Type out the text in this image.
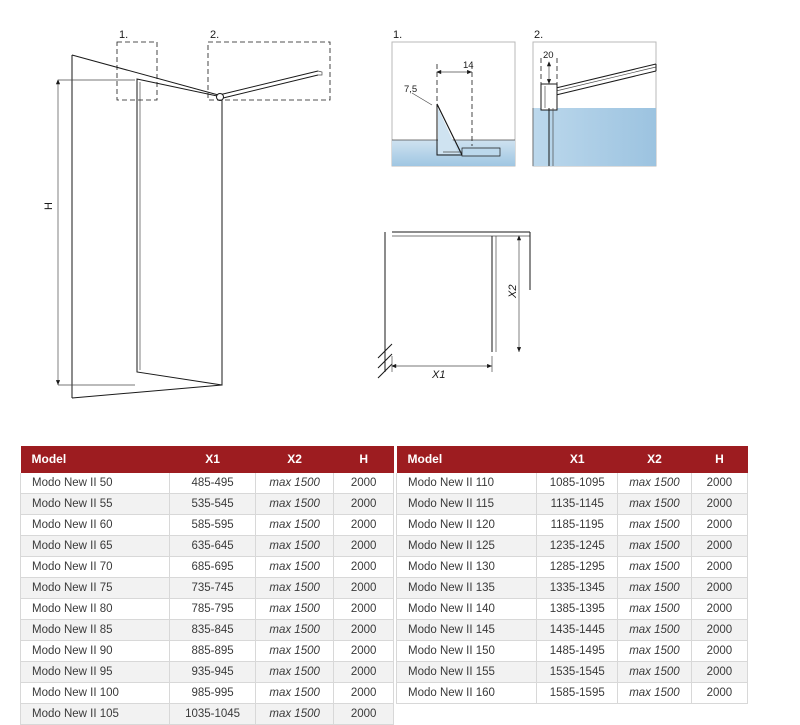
1.	2.
H
1.
14
7,5
2.
20
X2
X1
Model	X1	X2	H
Modo New II 50	485-495	max 1500	2000
Modo New II 55	535-545	max 1500	2000
Modo New II 60	585-595	max 1500	2000
Modo New II 65	635-645	max 1500	2000
Modo New II 70	685-695	max 1500	2000
Modo New II 75	735-745	max 1500	2000
Modo New II 80	785-795	max 1500	2000
Modo New II 85	835-845	max 1500	2000
Modo New II 90	885-895	max 1500	2000
Modo New II 95	935-945	max 1500	2000
Modo New II 100	985-995	max 1500	2000
Modo New II 105	1035-1045	max 1500	2000
Model	X1	X2	H
Modo New II 110	1085-1095	max 1500	2000
Modo New II 115	1135-1145	max 1500	2000
Modo New II 120	1185-1195	max 1500	2000
Modo New II 125	1235-1245	max 1500	2000
Modo New II 130	1285-1295	max 1500	2000
Modo New II 135	1335-1345	max 1500	2000
Modo New II 140	1385-1395	max 1500	2000
Modo New II 145	1435-1445	max 1500	2000
Modo New II 150	1485-1495	max 1500	2000
Modo New II 155	1535-1545	max 1500	2000
Modo New II 160	1585-1595	max 1500	2000
